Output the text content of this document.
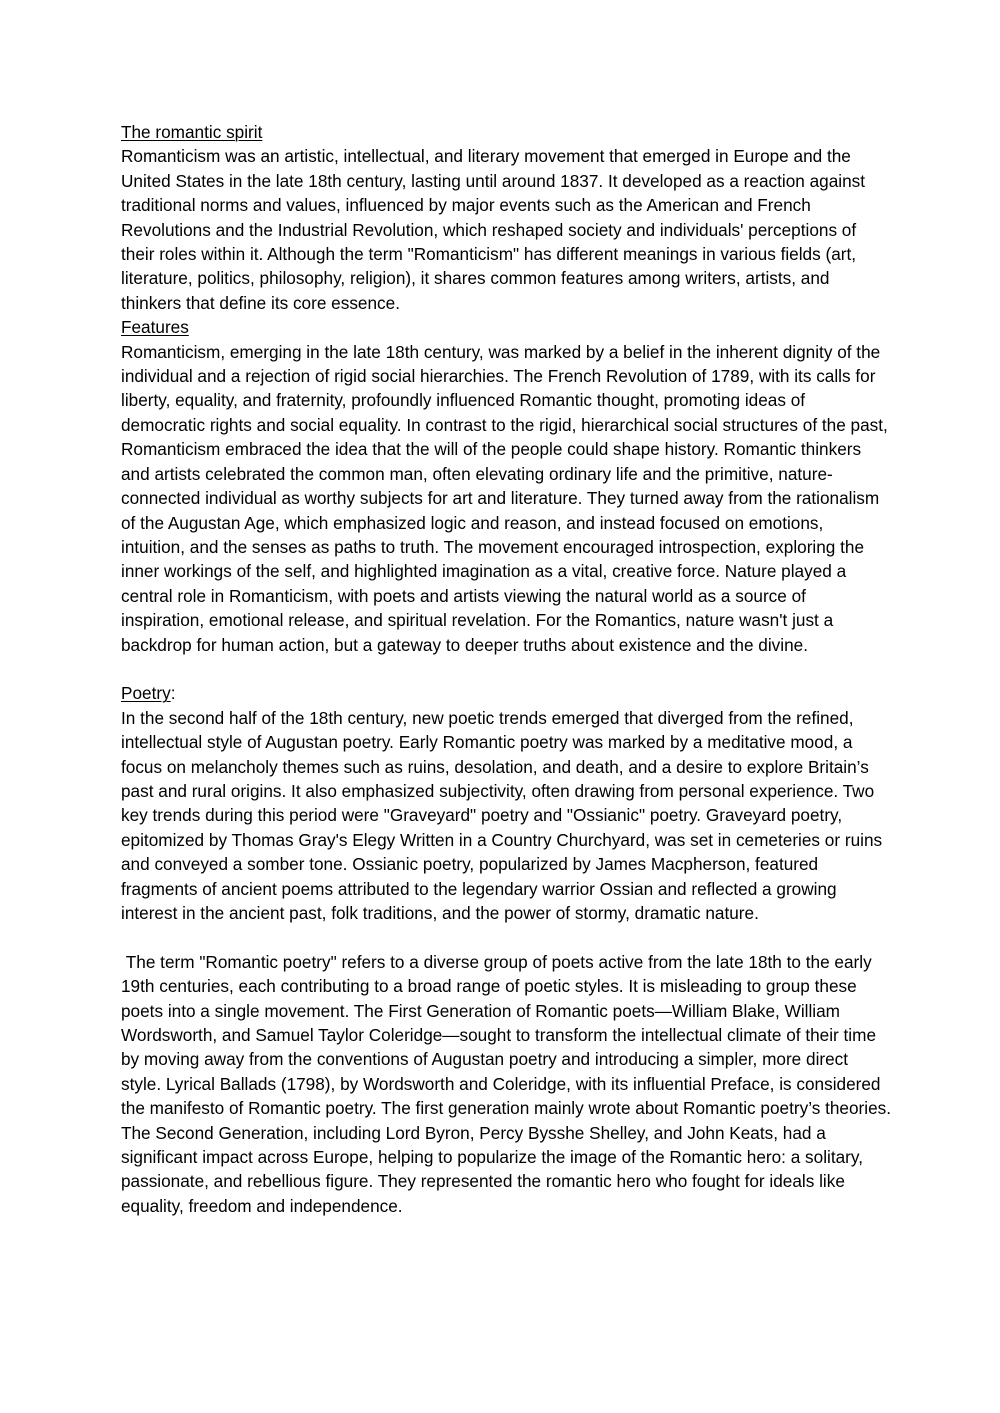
The romantic spirit

Romanticism was an artistic, intellectual, and literary movement that emerged in Europe and the United States in the late 18th century, lasting until around 1837. It developed as a reaction against traditional norms and values, influenced by major events such as the American and French Revolutions and the Industrial Revolution, which reshaped society and individuals' perceptions of their roles within it. Although the term "Romanticism" has different meanings in various fields (art, literature, politics, philosophy, religion), it shares common features among writers, artists, and thinkers that define its core essence.

Features

Romanticism, emerging in the late 18th century, was marked by a belief in the inherent dignity of the individual and a rejection of rigid social hierarchies. The French Revolution of 1789, with its calls for liberty, equality, and fraternity, profoundly influenced Romantic thought, promoting ideas of democratic rights and social equality. In contrast to the rigid, hierarchical social structures of the past, Romanticism embraced the idea that the will of the people could shape history. Romantic thinkers and artists celebrated the common man, often elevating ordinary life and the primitive, nature-connected individual as worthy subjects for art and literature. They turned away from the rationalism of the Augustan Age, which emphasized logic and reason, and instead focused on emotions, intuition, and the senses as paths to truth. The movement encouraged introspection, exploring the inner workings of the self, and highlighted imagination as a vital, creative force. Nature played a central role in Romanticism, with poets and artists viewing the natural world as a source of inspiration, emotional release, and spiritual revelation. For the Romantics, nature wasn't just a backdrop for human action, but a gateway to deeper truths about existence and the divine.

Poetry:

In the second half of the 18th century, new poetic trends emerged that diverged from the refined, intellectual style of Augustan poetry. Early Romantic poetry was marked by a meditative mood, a focus on melancholy themes such as ruins, desolation, and death, and a desire to explore Britain’s past and rural origins. It also emphasized subjectivity, often drawing from personal experience. Two key trends during this period were "Graveyard" poetry and "Ossianic" poetry. Graveyard poetry, epitomized by Thomas Gray's Elegy Written in a Country Churchyard, was set in cemeteries or ruins and conveyed a somber tone. Ossianic poetry, popularized by James Macpherson, featured fragments of ancient poems attributed to the legendary warrior Ossian and reflected a growing interest in the ancient past, folk traditions, and the power of stormy, dramatic nature.

The term "Romantic poetry" refers to a diverse group of poets active from the late 18th to the early 19th centuries, each contributing to a broad range of poetic styles. It is misleading to group these poets into a single movement. The First Generation of Romantic poets—William Blake, William Wordsworth, and Samuel Taylor Coleridge—sought to transform the intellectual climate of their time by moving away from the conventions of Augustan poetry and introducing a simpler, more direct style. Lyrical Ballads (1798), by Wordsworth and Coleridge, with its influential Preface, is considered the manifesto of Romantic poetry. The first generation mainly wrote about Romantic poetry’s theories.

The Second Generation, including Lord Byron, Percy Bysshe Shelley, and John Keats, had a significant impact across Europe, helping to popularize the image of the Romantic hero: a solitary, passionate, and rebellious figure. They represented the romantic hero who fought for ideals like equality, freedom and independence.
